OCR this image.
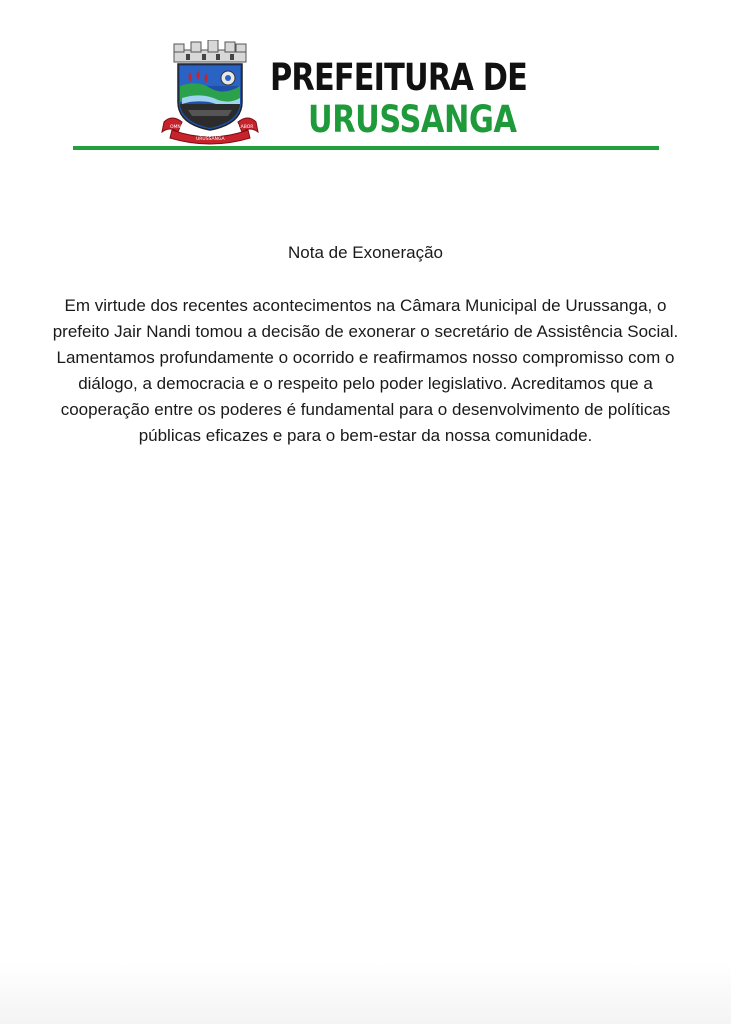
OMNIA	LABOR
URUSSANGA
PREFEITURA DE
URUSSANGA
Nota de Exoneração
Em virtude dos recentes acontecimentos na Câmara Municipal de Urussanga, o prefeito Jair Nandi tomou a decisão de exonerar o secretário de Assistência Social. Lamentamos profundamente o ocorrido e reafirmamos nosso compromisso com o diálogo, a democracia e o respeito pelo poder legislativo. Acreditamos que a cooperação entre os poderes é fundamental para o desenvolvimento de políticas públicas eficazes e para o bem-estar da nossa comunidade.
